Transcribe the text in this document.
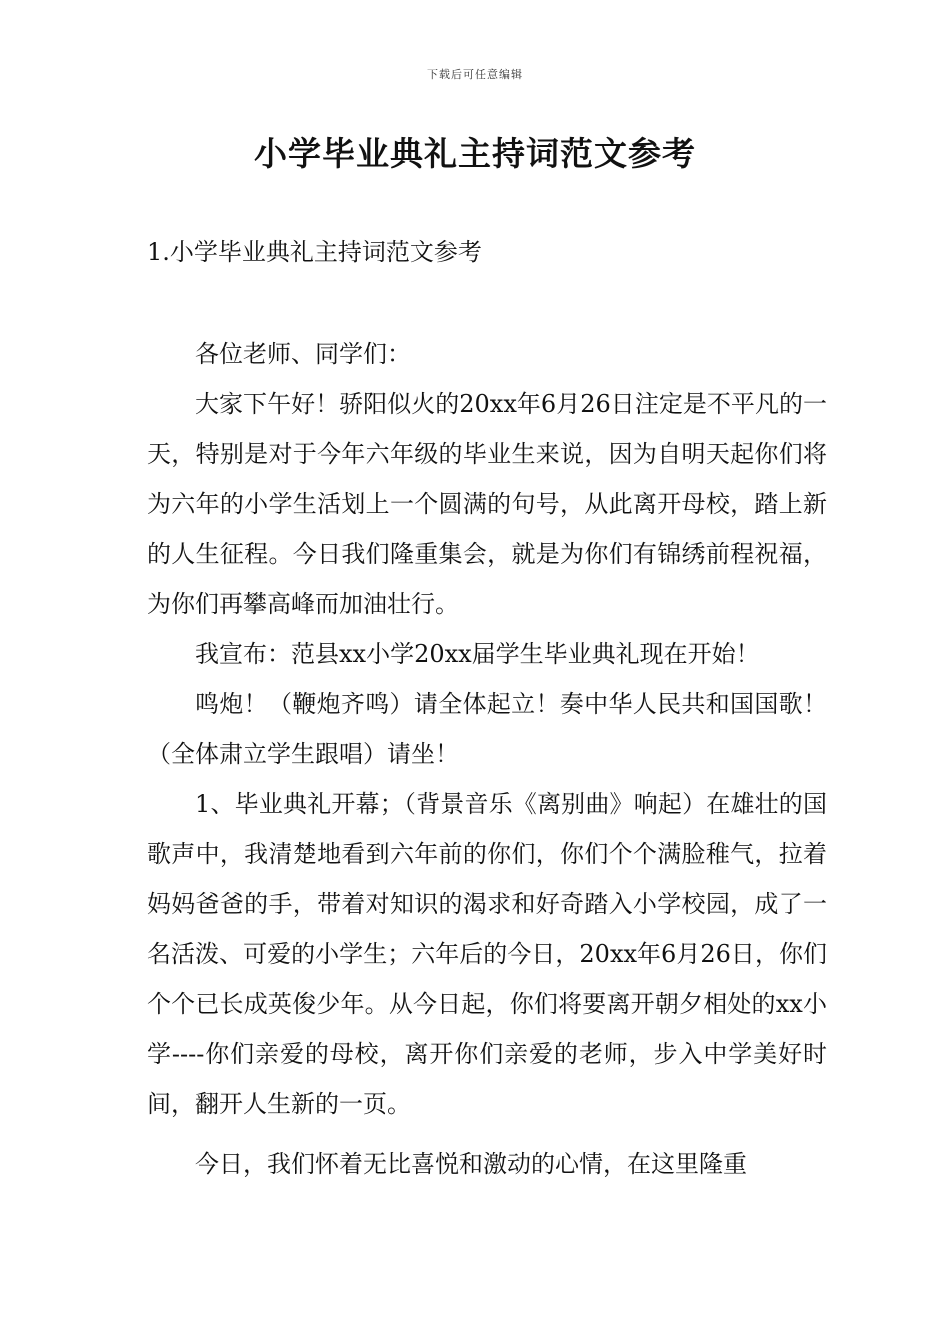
下载后可任意编辑
小学毕业典礼主持词范文参考
1.小学毕业典礼主持词范文参考

各位老师、同学们：

大家下午好！骄阳似火的20xx年6月26日注定是不平凡的一天，特别是对于今年六年级的毕业生来说，因为自明天起你们将为六年的小学生活划上一个圆满的句号，从此离开母校，踏上新的人生征程。今日我们隆重集会，就是为你们有锦绣前程祝福，为你们再攀高峰而加油壮行。

我宣布：范县xx小学20xx届学生毕业典礼现在开始！

鸣炮！（鞭炮齐鸣）请全体起立！奏中华人民共和国国歌！（全体肃立学生跟唱）请坐！

1、毕业典礼开幕；（背景音乐《离别曲》响起）在雄壮的国歌声中，我清楚地看到六年前的你们，你们个个满脸稚气，拉着妈妈爸爸的手，带着对知识的渴求和好奇踏入小学校园，成了一名活泼、可爱的小学生；六年后的今日，20xx年6月26日，你们个个已长成英俊少年。从今日起，你们将要离开朝夕相处的xx小学----你们亲爱的母校，离开你们亲爱的老师，步入中学美好时间，翻开人生新的一页。

今日，我们怀着无比喜悦和激动的心情，在这里隆重
